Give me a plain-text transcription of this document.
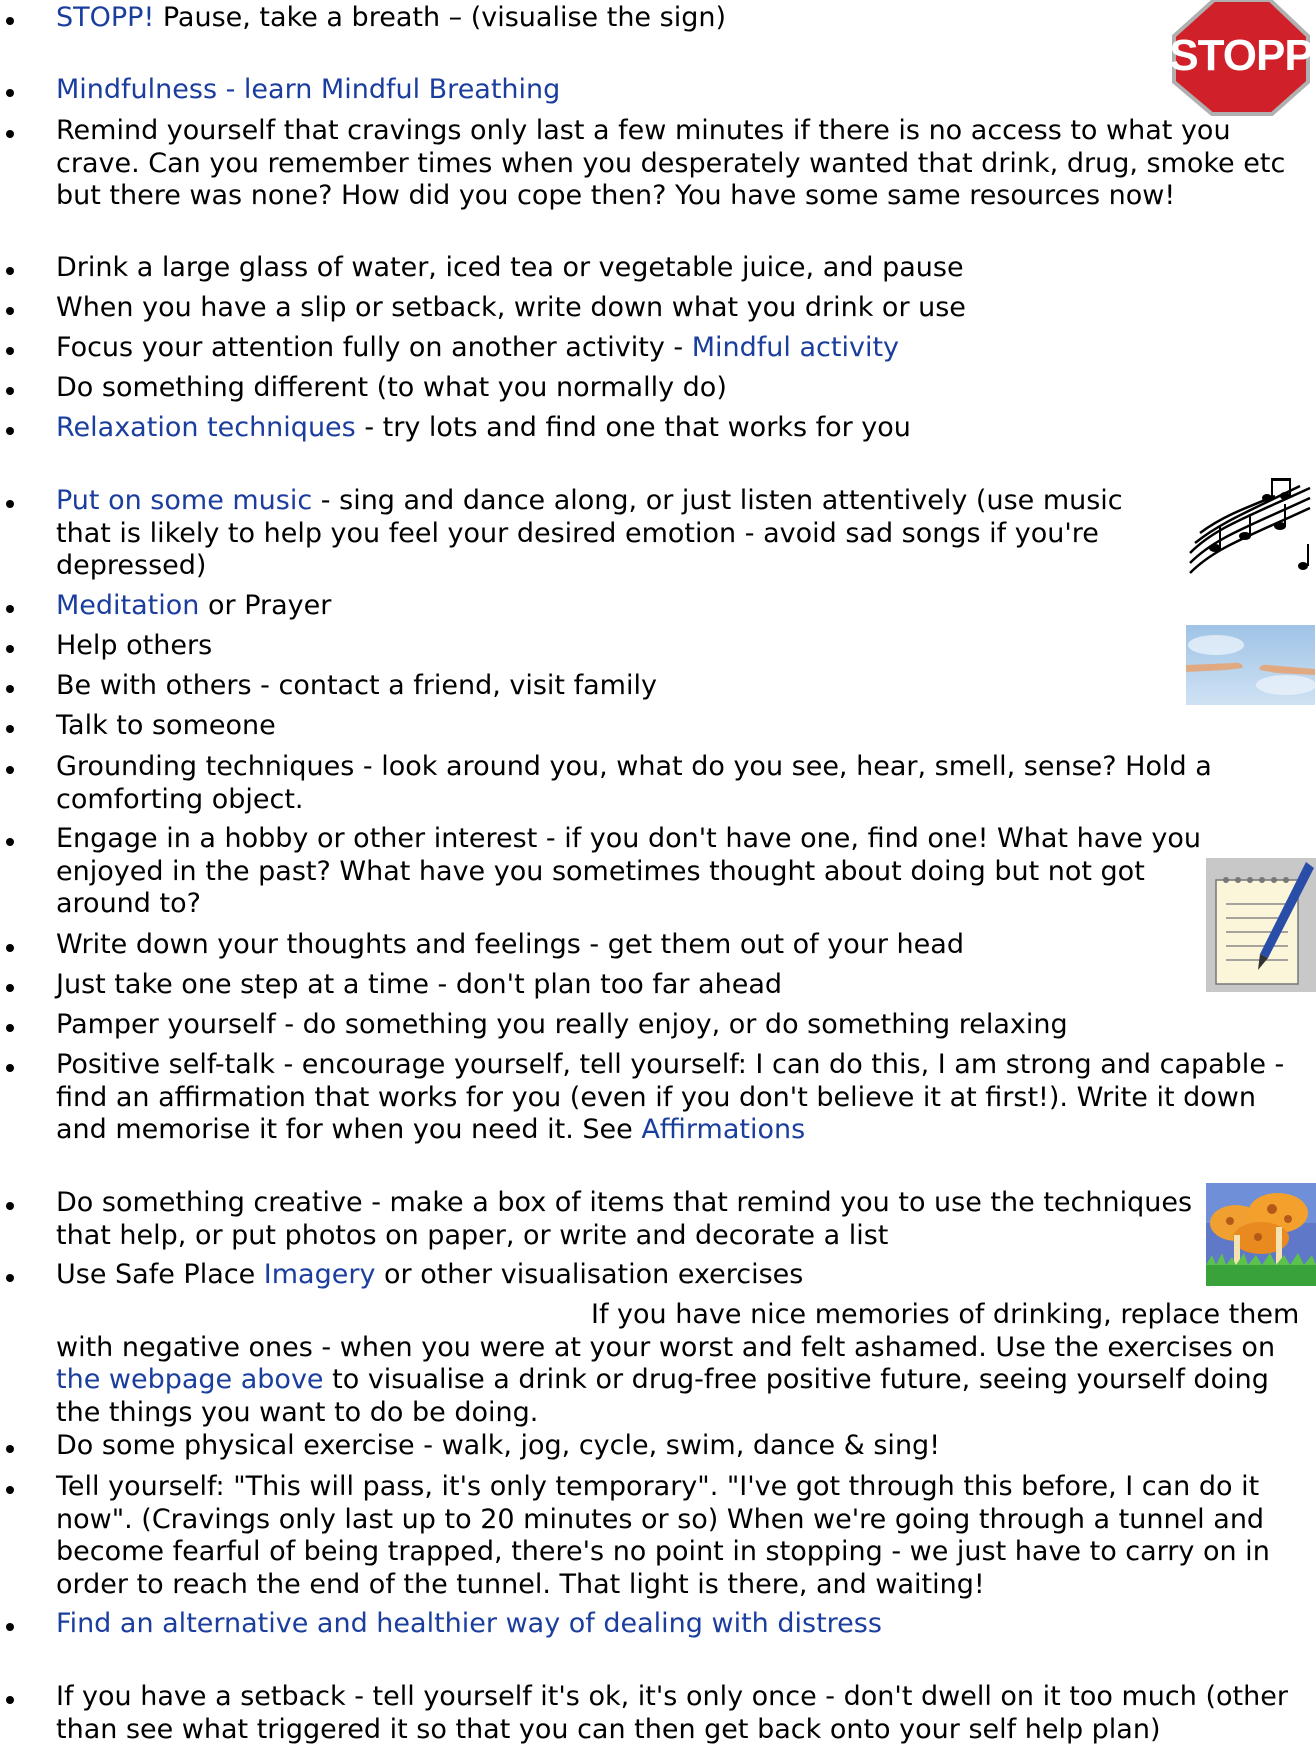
STOPP
STOPP! Pause, take a breath – (visualise the sign)
Mindfulness - learn Mindful Breathing
Remind yourself that cravings only last a few minutes if there is no access to what you crave. Can you remember times when you desperately wanted that drink, drug, smoke etc but there was none? How did you cope then? You have some same resources now!
Drink a large glass of water, iced tea or vegetable juice, and pause
When you have a slip or setback, write down what you drink or use
Focus your attention fully on another activity - Mindful activity
Do something different (to what you normally do)
Relaxation techniques - try lots and find one that works for you
Put on some music - sing and dance along, or just listen attentively (use music that is likely to help you feel your desired emotion - avoid sad songs if you're depressed)
Meditation or Prayer
Help others
Be with others - contact a friend, visit family
Talk to someone
Grounding techniques - look around you, what do you see, hear, smell, sense? Hold a comforting object.
Engage in a hobby or other interest - if you don't have one, find one! What have you enjoyed in the past? What have you sometimes thought about doing but not got around to?
Write down your thoughts and feelings - get them out of your head
Just take one step at a time - don't plan too far ahead
Pamper yourself - do something you really enjoy, or do something relaxing
Positive self-talk - encourage yourself, tell yourself: I can do this, I am strong and capable - find an affirmation that works for you (even if you don't believe it at first!). Write it down and memorise it for when you need it. See Affirmations
Do something creative - make a box of items that remind you to use the techniques that help, or put photos on paper, or write and decorate a list
Use Safe Place Imagery or other visualisation exercises
If you have nice memories of drinking, replace them with negative ones - when you were at your worst and felt ashamed. Use the exercises on the webpage above to visualise a drink or drug-free positive future, seeing yourself doing the things you want to do be doing.
Do some physical exercise - walk, jog, cycle, swim, dance & sing!
Tell yourself: "This will pass, it's only temporary". "I've got through this before, I can do it now". (Cravings only last up to 20 minutes or so) When we're going through a tunnel and become fearful of being trapped, there's no point in stopping - we just have to carry on in order to reach the end of the tunnel. That light is there, and waiting!
Find an alternative and healthier way of dealing with distress
If you have a setback - tell yourself it's ok, it's only once - don't dwell on it too much (other than see what triggered it so that you can then get back onto your self help plan)
